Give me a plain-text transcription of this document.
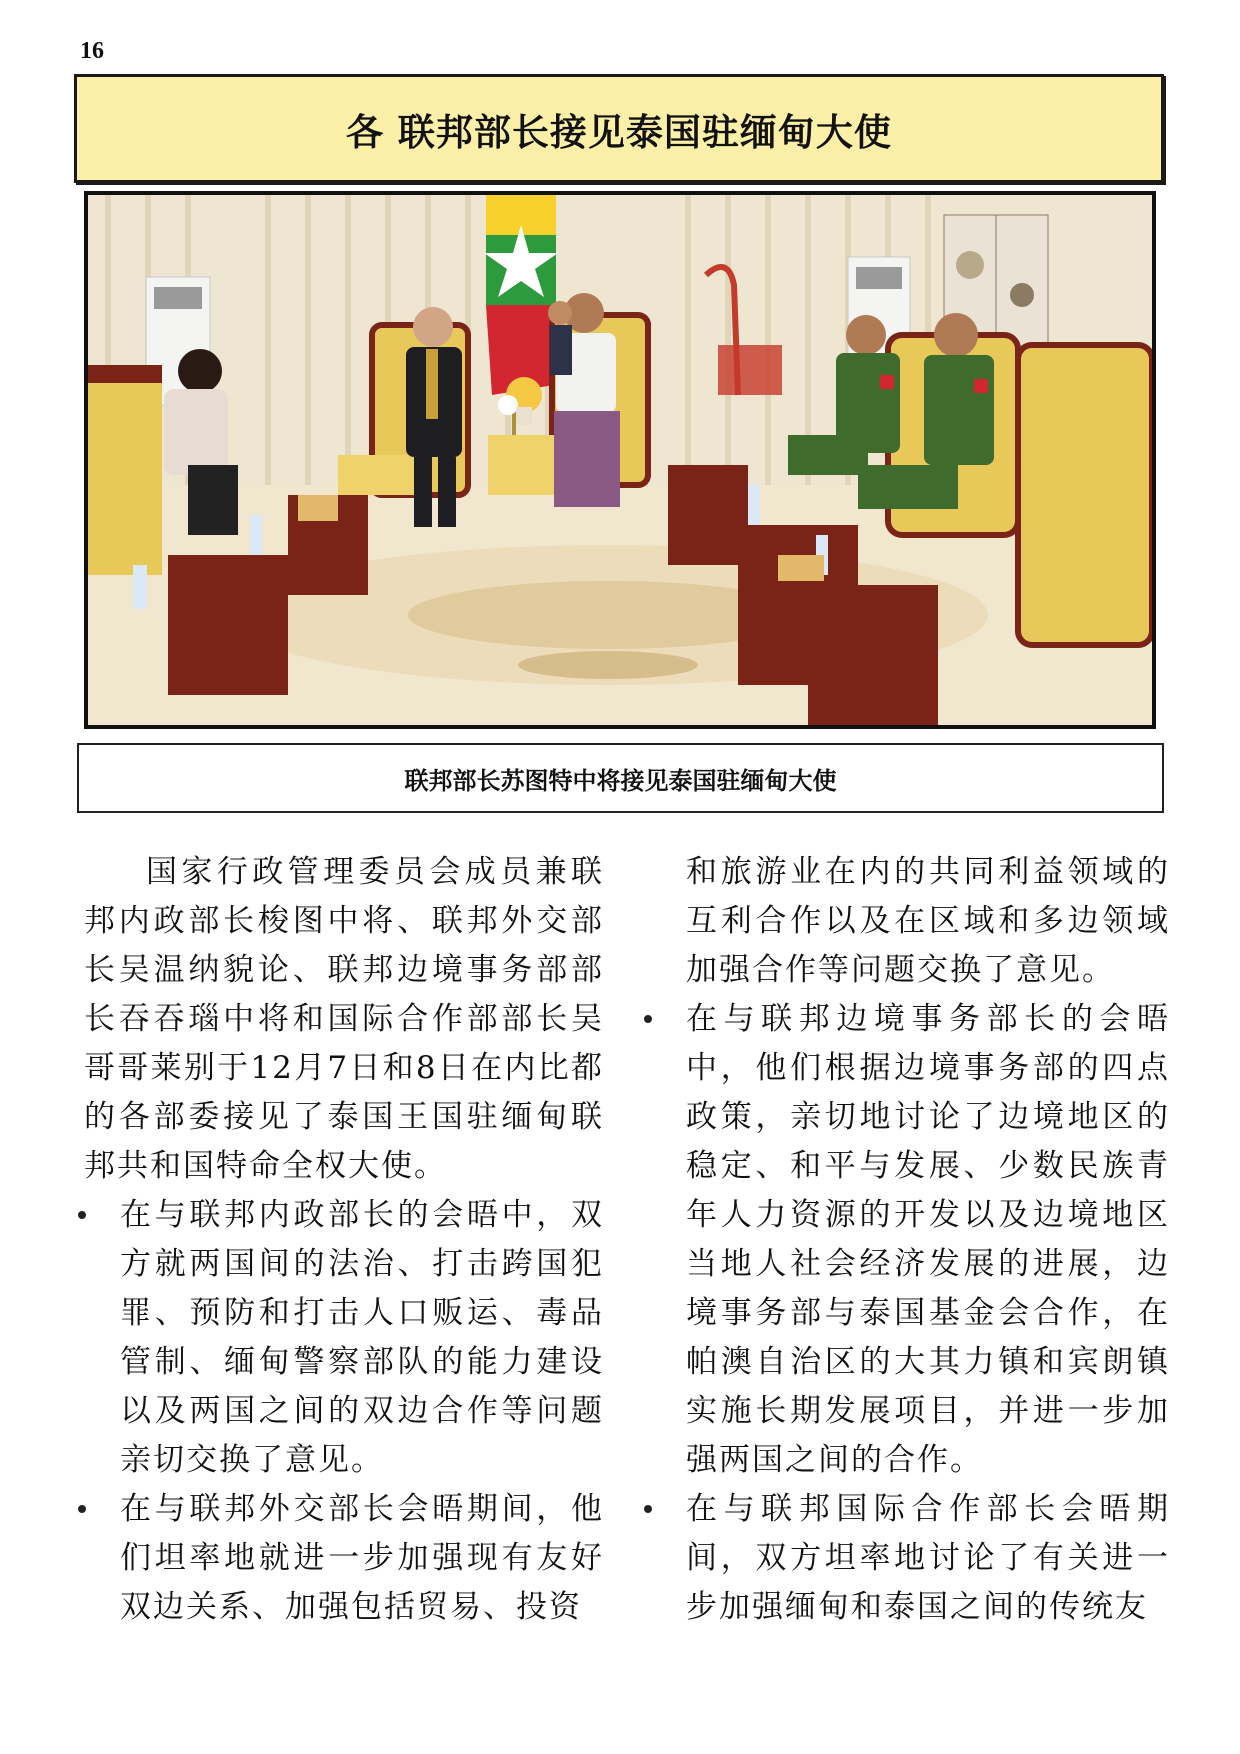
16
各 联邦部长接见泰国驻缅甸大使
联邦部长苏图特中将接见泰国驻缅甸大使

国家行政管理委员会成员兼联邦内政部长梭图中将、联邦外交部长吴温纳貌论、联邦边境事务部部长吞吞瑙中将和国际合作部部长吴哥哥莱别于12月7日和8日在内比都的各部委接见了泰国王国驻缅甸联邦共和国特命全权大使。

在与联邦内政部长的会晤中，双方就两国间的法治、打击跨国犯罪、预防和打击人口贩运、毒品管制、缅甸警察部队的能力建设以及两国之间的双边合作等问题亲切交换了意见。
在与联邦外交部长会晤期间，他们坦率地就进一步加强现有友好双边关系、加强包括贸易、投资
和旅游业在内的共同利益领域的互利合作以及在区域和多边领域加强合作等问题交换了意见。
在与联邦边境事务部长的会晤中，他们根据边境事务部的四点政策，亲切地讨论了边境地区的稳定、和平与发展、少数民族青年人力资源的开发以及边境地区当地人社会经济发展的进展，边境事务部与泰国基金会合作，在帕澳自治区的大其力镇和宾朗镇实施长期发展项目，并进一步加强两国之间的合作。
在与联邦国际合作部长会晤期间，双方坦率地讨论了有关进一步加强缅甸和泰国之间的传统友
